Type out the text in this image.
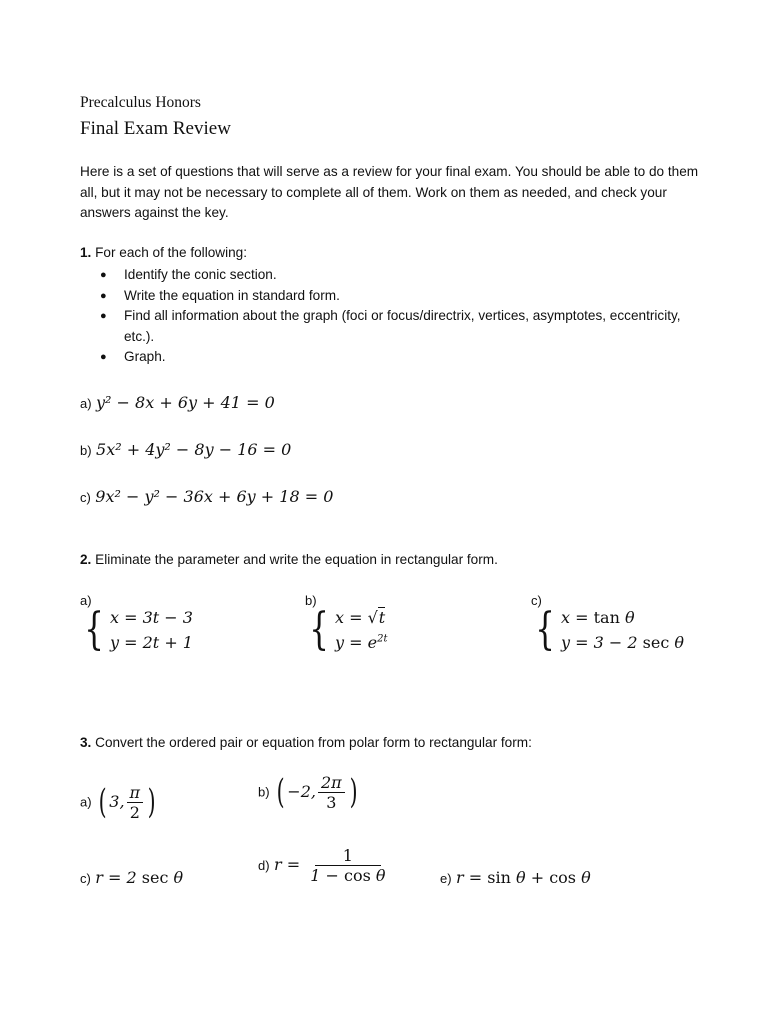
Precalculus Honors
Final Exam Review
Here is a set of questions that will serve as a review for your final exam. You should be able to do them all, but it may not be necessary to complete all of them. Work on them as needed, and check your answers against the key.
1. For each of the following:
● Identify the conic section.
● Write the equation in standard form.
● Find all information about the graph (foci or focus/directrix, vertices, asymptotes, eccentricity, etc.).
● Graph.
a) y² − 8x + 6y + 41 = 0
b) 5x² + 4y² − 8y − 16 = 0
c) 9x² − y² − 36x + 6y + 18 = 0
2. Eliminate the parameter and write the equation in rectangular form.
a)
{ x = 3t − 3
y = 2t + 1
b)
{ x = √t
$y = e^{2t}$
c)
{ x = tan θ
y = 3 − 2 sec θ
3. Convert the ordered pair or equation from polar form to rectangular form:
a) ( 3, $\frac{\pi}{2}$ )	b) ( −2, $\frac{2\pi}{3}$ )
c) r = 2 sec θ
d) $r = \frac{1}{\text{1 − cos θ}}$	e) r = sin θ + cos θ
